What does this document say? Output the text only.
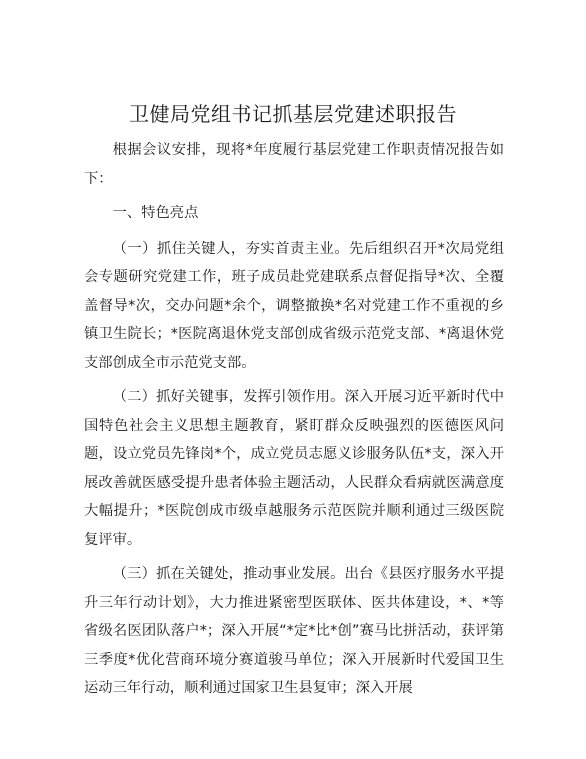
卫健局党组书记抓基层党建述职报告

根据会议安排，现将*年度履行基层党建工作职责情况报告如下：

一、特色亮点

（一）抓住关键人，夯实首责主业。先后组织召开*次局党组会专题研究党建工作，班子成员赴党建联系点督促指导*次、全覆盖督导*次，交办问题*余个，调整撤换*名对党建工作不重视的乡镇卫生院长；*医院离退休党支部创成省级示范党支部、*离退休党支部创成全市示范党支部。

（二）抓好关键事，发挥引领作用。深入开展习近平新时代中国特色社会主义思想主题教育，紧盯群众反映强烈的医德医风问题，设立党员先锋岗*个，成立党员志愿义诊服务队伍*支，深入开展改善就医感受提升患者体验主题活动，人民群众看病就医满意度大幅提升；*医院创成市级卓越服务示范医院并顺利通过三级医院复评审。

（三）抓在关键处，推动事业发展。出台《县医疗服务水平提升三年行动计划》，大力推进紧密型医联体、医共体建设，*、*等省级名医团队落户*；深入开展“*定*比*创”赛马比拼活动，获评第三季度*优化营商环境分赛道骏马单位；深入开展新时代爱国卫生运动三年行动，顺利通过国家卫生县复审；深入开展
